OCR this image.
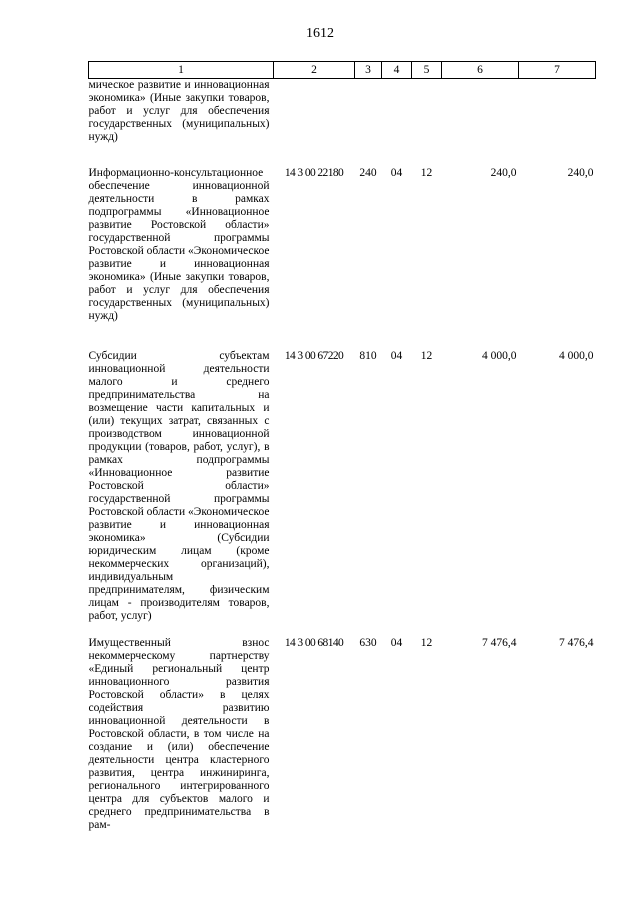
1612
1	2	3	4	5	6	7
мическое развитие и инновационная экономика» (Иные закупки товаров, работ и услуг для обеспечения государственных (муниципальных) нужд)						
Информационно-консультационное обеспечение инновационной деятельности в рамках подпрограммы «Инновационное развитие Ростовской области» государственной программы Ростовской области «Экономическое развитие и инновационная экономика» (Иные закупки товаров, работ и услуг для обеспечения государственных (муниципальных) нужд)	14 3 00 22180	240	04	12	240,0	240,0
Субсидии субъектам инновационной деятельности малого и среднего предпринимательства на возмещение части капитальных и (или) текущих затрат, связанных с производством инновационной продукции (товаров, работ, услуг), в рамках подпрограммы «Инновационное развитие Ростовской области» государственной программы Ростовской области «Экономическое развитие и инновационная экономика» (Субсидии юридическим лицам (кроме некоммерческих организаций), индивидуальным предпринимателям, физическим лицам - производителям товаров, работ, услуг)	14 3 00 67220	810	04	12	4 000,0	4 000,0
Имущественный взнос некоммерческому партнерству «Единый региональный центр инновационного развития Ростовской области» в целях содействия развитию инновационной деятельности в Ростовской области, в том числе на создание и (или) обеспечение деятельности центра кластерного развития, центра инжиниринга, регионального интегрированного центра для субъектов малого и среднего предпринимательства в рам-	14 3 00 68140	630	04	12	7 476,4	7 476,4
